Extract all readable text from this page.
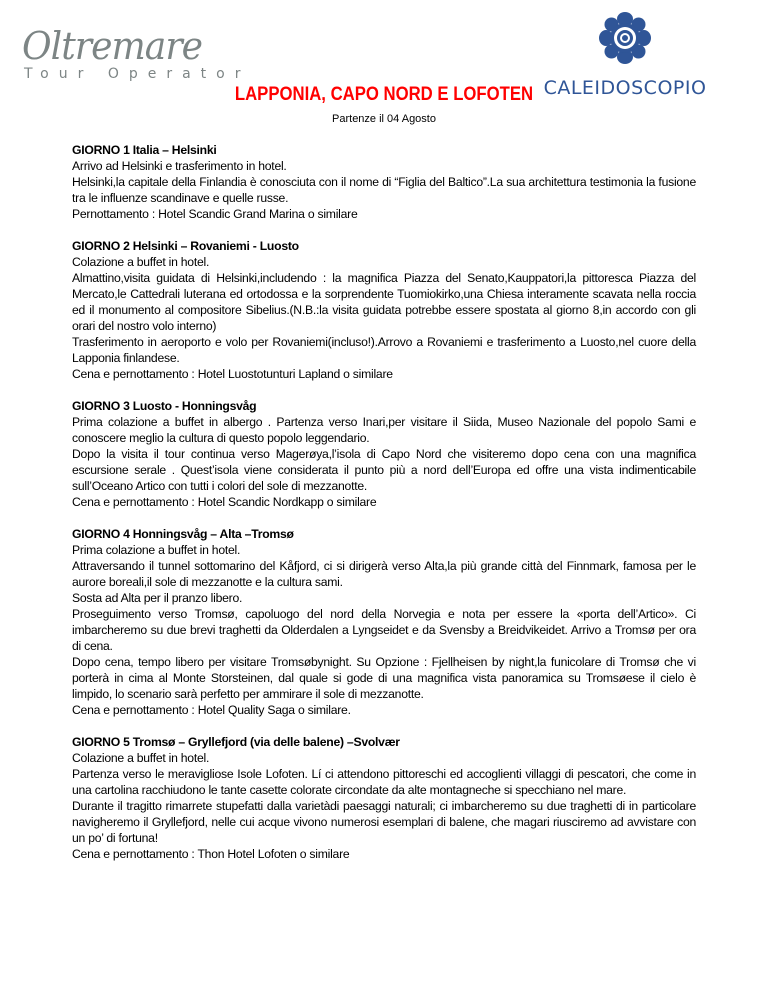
Oltremare
Tour Operator
CALEIDOSCOPIO
LAPPONIA, CAPO NORD E LOFOTEN
Partenze il 04 Agosto
GIORNO 1 Italia – Helsinki

Arrivo ad Helsinki e trasferimento in hotel.

Helsinki,la capitale della Finlandia è conosciuta con il nome di “Figlia del Baltico”.La sua architettura testimonia la fusione tra le influenze scandinave e quelle russe.

Pernottamento : Hotel Scandic Grand Marina o similare

GIORNO 2 Helsinki – Rovaniemi - Luosto

Colazione a buffet in hotel.

Almattino,visita guidata di Helsinki,includendo : la magnifica Piazza del Senato,Kauppatori,la pittoresca Piazza del Mercato,le Cattedrali luterana ed ortodossa e la sorprendente Tuomiokirko,una Chiesa interamente scavata nella roccia ed il monumento al compositore Sibelius.(N.B.:la visita guidata potrebbe essere spostata al giorno 8,in accordo con gli orari del nostro volo interno)

Trasferimento in aeroporto e volo per Rovaniemi(incluso!).Arrovo a Rovaniemi e trasferimento a Luosto,nel cuore della Lapponia finlandese.

Cena e pernottamento : Hotel Luostotunturi Lapland o similare

GIORNO 3 Luosto - Honningsvåg

Prima colazione a buffet in albergo . Partenza verso Inari,per visitare il Siida, Museo Nazionale del popolo Sami e conoscere meglio la cultura di questo popolo leggendario.

Dopo la visita il tour continua verso Magerøya,l’isola di Capo Nord che visiteremo dopo cena con una magnifica escursione serale . Quest’isola viene considerata il punto più a nord dell’Europa ed offre una vista indimenticabile sull’Oceano Artico con tutti i colori del sole di mezzanotte.

Cena e pernottamento : Hotel Scandic Nordkapp o similare

GIORNO 4 Honningsvåg – Alta –Tromsø

Prima colazione a buffet in hotel.

Attraversando il tunnel sottomarino del Kåfjord, ci si dirigerà verso Alta,la più grande città del Finnmark, famosa per le aurore boreali,il sole di mezzanotte e la cultura sami.

Sosta ad Alta per il pranzo libero.

Proseguimento verso Tromsø, capoluogo del nord della Norvegia e nota per essere la «porta dell’Artico». Ci imbarcheremo su due brevi traghetti da Olderdalen a Lyngseidet e da Svensby a Breidvikeidet. Arrivo a Tromsø per ora di cena.

Dopo cena, tempo libero per visitare Tromsøbynight. Su Opzione : Fjellheisen by night,la funicolare di Tromsø che vi porterà in cima al Monte Storsteinen, dal quale si gode di una magnifica vista panoramica su Tromsøese il cielo è limpido, lo scenario sarà perfetto per ammirare il sole di mezzanotte.

Cena e pernottamento : Hotel Quality Saga o similare.

GIORNO 5 Tromsø – Gryllefjord (via delle balene) –Svolvær

Colazione a buffet in hotel.

Partenza verso le meravigliose Isole Lofoten. Lí ci attendono pittoreschi ed accoglienti villaggi di pescatori, che come in una cartolina racchiudono le tante casette colorate circondate da alte montagneche si specchiano nel mare.

Durante il tragitto rimarrete stupefatti dalla varietàdi paesaggi naturali; ci imbarcheremo su due traghetti di in particolare navigheremo il Gryllefjord, nelle cui acque vivono numerosi esemplari di balene, che magari riusciremo ad avvistare con un po’ di fortuna!

Cena e pernottamento : Thon Hotel Lofoten o similare
